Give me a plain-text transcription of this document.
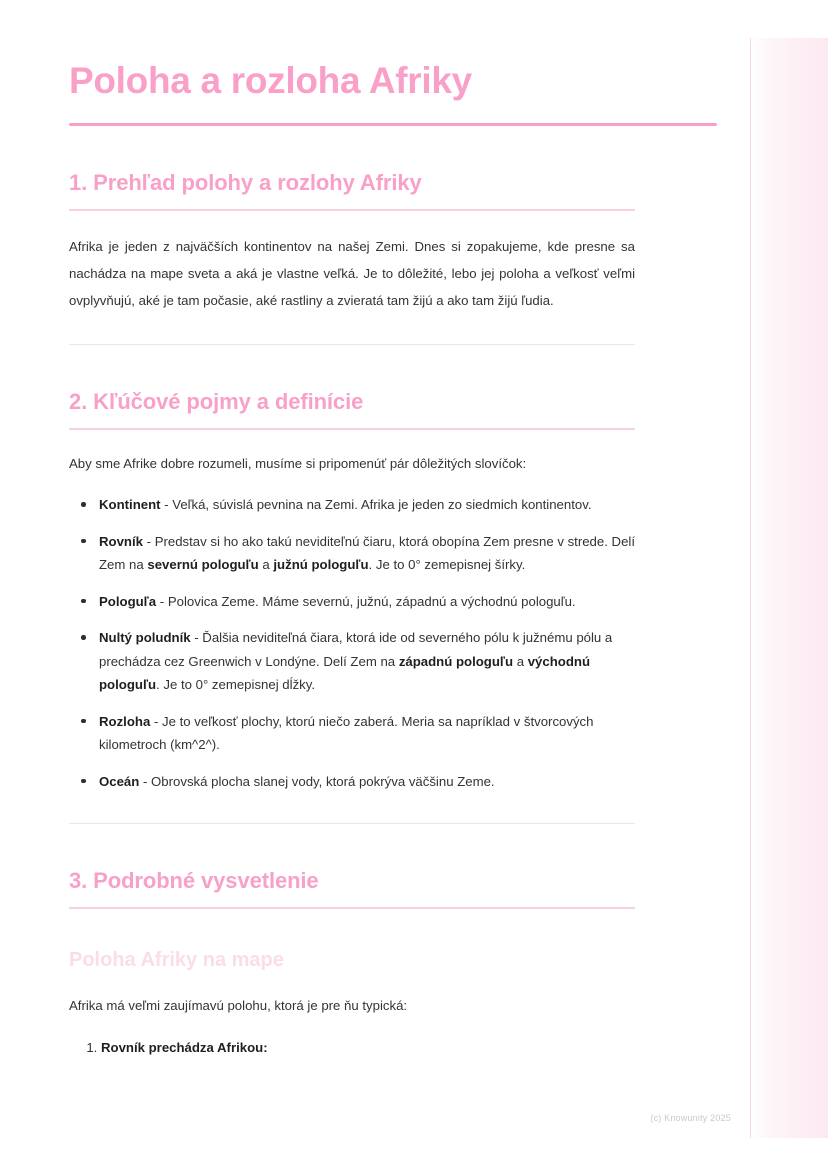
Poloha a rozloha Afriky
1. Prehľad polohy a rozlohy Afriky

Afrika je jeden z najväčších kontinentov na našej Zemi. Dnes si zopakujeme, kde presne sa nachádza na mape sveta a aká je vlastne veľká. Je to dôležité, lebo jej poloha a veľkosť veľmi ovplyvňujú, aké je tam počasie, aké rastliny a zvieratá tam žijú a ako tam žijú ľudia.

2. Kľúčové pojmy a definície

Aby sme Afrike dobre rozumeli, musíme si pripomenúť pár dôležitých slovíčok:

Kontinent - Veľká, súvislá pevnina na Zemi. Afrika je jeden zo siedmich kontinentov.
Rovník - Predstav si ho ako takú neviditeľnú čiaru, ktorá obopína Zem presne v strede. Delí Zem na severnú pologuľu a južnú pologuľu. Je to 0° zemepisnej šírky.
Pologuľa - Polovica Zeme. Máme severnú, južnú, západnú a východnú pologuľu.
Nultý poludník - Ďalšia neviditeľná čiara, ktorá ide od severného pólu k južnému pólu a prechádza cez Greenwich v Londýne. Delí Zem na západnú pologuľu a východnú pologuľu. Je to 0° zemepisnej dĺžky.
Rozloha - Je to veľkosť plochy, ktorú niečo zaberá. Meria sa napríklad v štvorcových kilometroch (km^2^).
Oceán - Obrovská plocha slanej vody, ktorá pokrýva väčšinu Zeme.
3. Podrobné vysvetlenie
Poloha Afriky na mape

Afrika má veľmi zaujímavú polohu, ktorá je pre ňu typická:

1. Rovník prechádza Afrikou:
(c) Knowunity 2025
